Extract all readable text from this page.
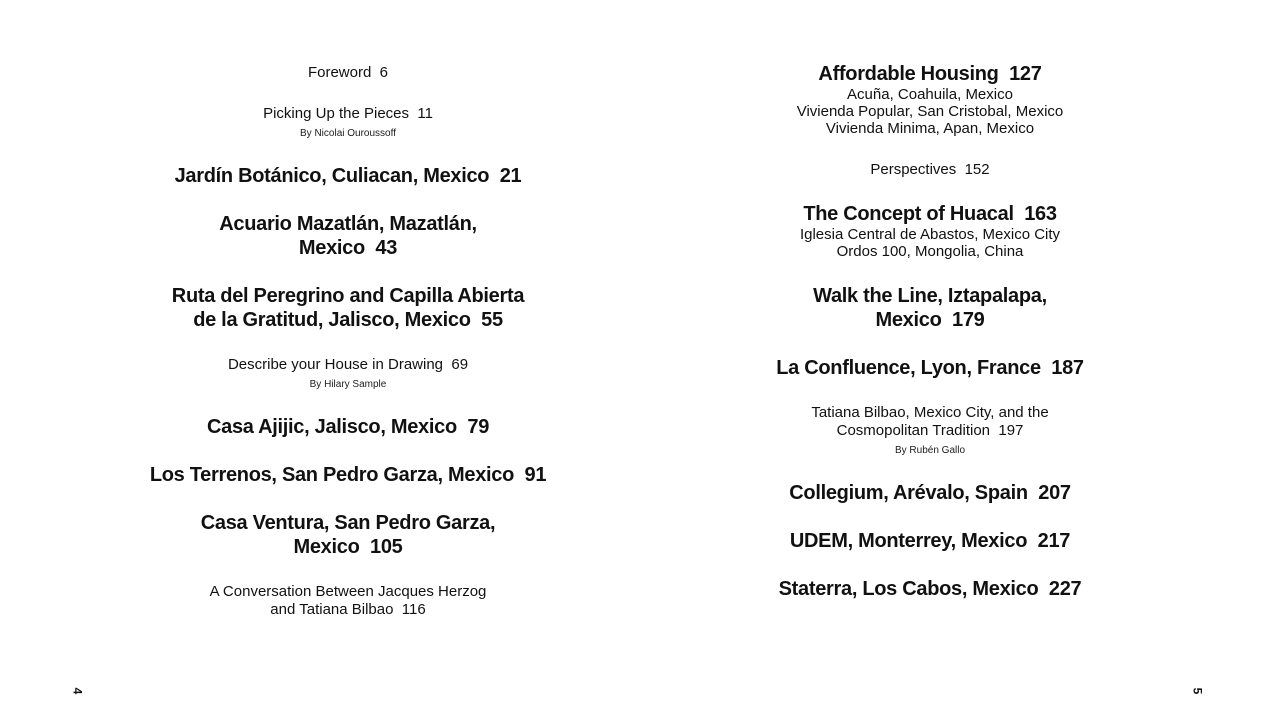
Foreword  6
Picking Up the Pieces  11
By Nicolai Ouroussoff
Jardín Botánico, Culiacan, Mexico  21
Acuario Mazatlán, Mazatlán,
Mexico  43
Ruta del Peregrino and Capilla Abierta
de la Gratitud, Jalisco, Mexico  55
Describe your House in Drawing  69
By Hilary Sample
Casa Ajijic, Jalisco, Mexico  79
Los Terrenos, San Pedro Garza, Mexico  91
Casa Ventura, San Pedro Garza,
Mexico  105
A Conversation Between Jacques Herzog
and Tatiana Bilbao  116
Affordable Housing  127
Acuña, Coahuila, Mexico
Vivienda Popular, San Cristobal, Mexico
Vivienda Minima, Apan, Mexico
Perspectives  152
The Concept of Huacal  163
Iglesia Central de Abastos, Mexico City
Ordos 100, Mongolia, China
Walk the Line, Iztapalapa,
Mexico  179
La Confluence, Lyon, France  187
Tatiana Bilbao, Mexico City, and the
Cosmopolitan Tradition  197
By Rubén Gallo
Collegium, Arévalo, Spain  207
UDEM, Monterrey, Mexico  217
Staterra, Los Cabos, Mexico  227
4	5
